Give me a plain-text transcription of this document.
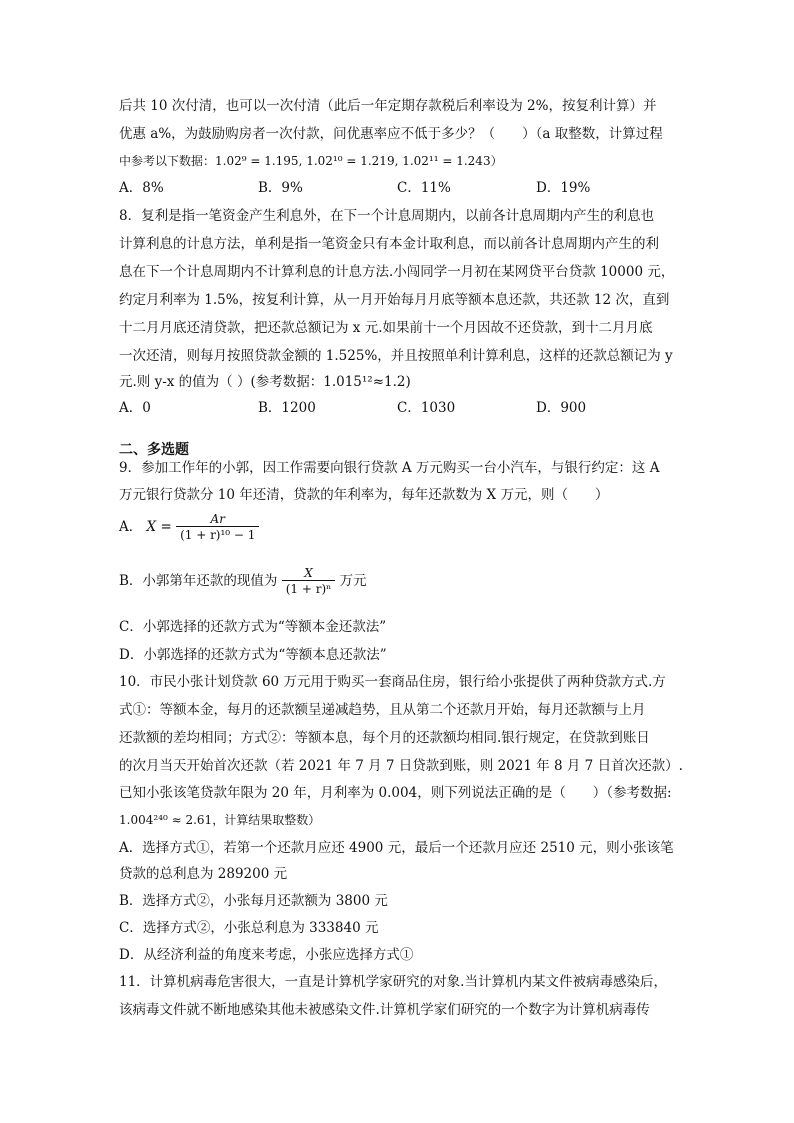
后共 10 次付清，也可以一次付清（此后一年定期存款税后利率设为 2%，按复利计算）并
优惠 a%，为鼓励购房者一次付款，问优惠率应不低于多少？（　　）（a 取整数，计算过程
中参考以下数据：1.02⁹ = 1.195, 1.02¹⁰ = 1.219, 1.02¹¹ = 1.243）
A．8%	B．9%	C．11%	D．19%
8．复利是指一笔资金产生利息外，在下一个计息周期内，以前各计息周期内产生的利息也
计算利息的计息方法，单利是指一笔资金只有本金计取利息，而以前各计息周期内产生的利
息在下一个计息周期内不计算利息的计息方法.小闯同学一月初在某网贷平台贷款 10000 元，
约定月利率为 1.5%，按复利计算，从一月开始每月月底等额本息还款，共还款 12 次，直到
十二月月底还清贷款，把还款总额记为 x 元.如果前十一个月因故不还贷款，到十二月月底
一次还清，则每月按照贷款金额的 1.525%，并且按照单利计算利息，这样的还款总额记为 y
元.则 y-x 的值为（ ）(参考数据：1.015¹²≈1.2)
A．0	B．1200	C．1030	D．900
二、多选题
9．参加工作年的小郭，因工作需要向银行贷款 A 万元购买一台小汽车，与银行约定：这 A
万元银行贷款分 10 年还清，贷款的年利率为，每年还款数为 X 万元，则（　　）
A． $X = \frac{Ar}{\text{(1 + r)¹⁰ − 1}}$
B．小郭第年还款的现值为 $\frac{X}{\text{(1 + r)ⁿ}}$ 万元
C．小郭选择的还款方式为“等额本金还款法”
D．小郭选择的还款方式为“等额本息还款法”
10．市民小张计划贷款 60 万元用于购买一套商品住房，银行给小张提供了两种贷款方式.方
式①：等额本金，每月的还款额呈递减趋势，且从第二个还款月开始，每月还款额与上月
还款额的差均相同；方式②：等额本息，每个月的还款额均相同.银行规定，在贷款到账日
的次月当天开始首次还款（若 2021 年 7 月 7 日贷款到账，则 2021 年 8 月 7 日首次还款）.
已知小张该笔贷款年限为 20 年，月利率为 0.004，则下列说法正确的是（　　）（参考数据:
1.004²⁴⁰ ≈ 2.61，计算结果取整数）
A．选择方式①，若第一个还款月应还 4900 元，最后一个还款月应还 2510 元，则小张该笔
贷款的总利息为 289200 元
B．选择方式②，小张每月还款额为 3800 元
C．选择方式②，小张总利息为 333840 元
D．从经济利益的角度来考虑，小张应选择方式①
11．计算机病毒危害很大，一直是计算机学家研究的对象.当计算机内某文件被病毒感染后，
该病毒文件就不断地感染其他未被感染文件.计算机学家们研究的一个数字为计算机病毒传
